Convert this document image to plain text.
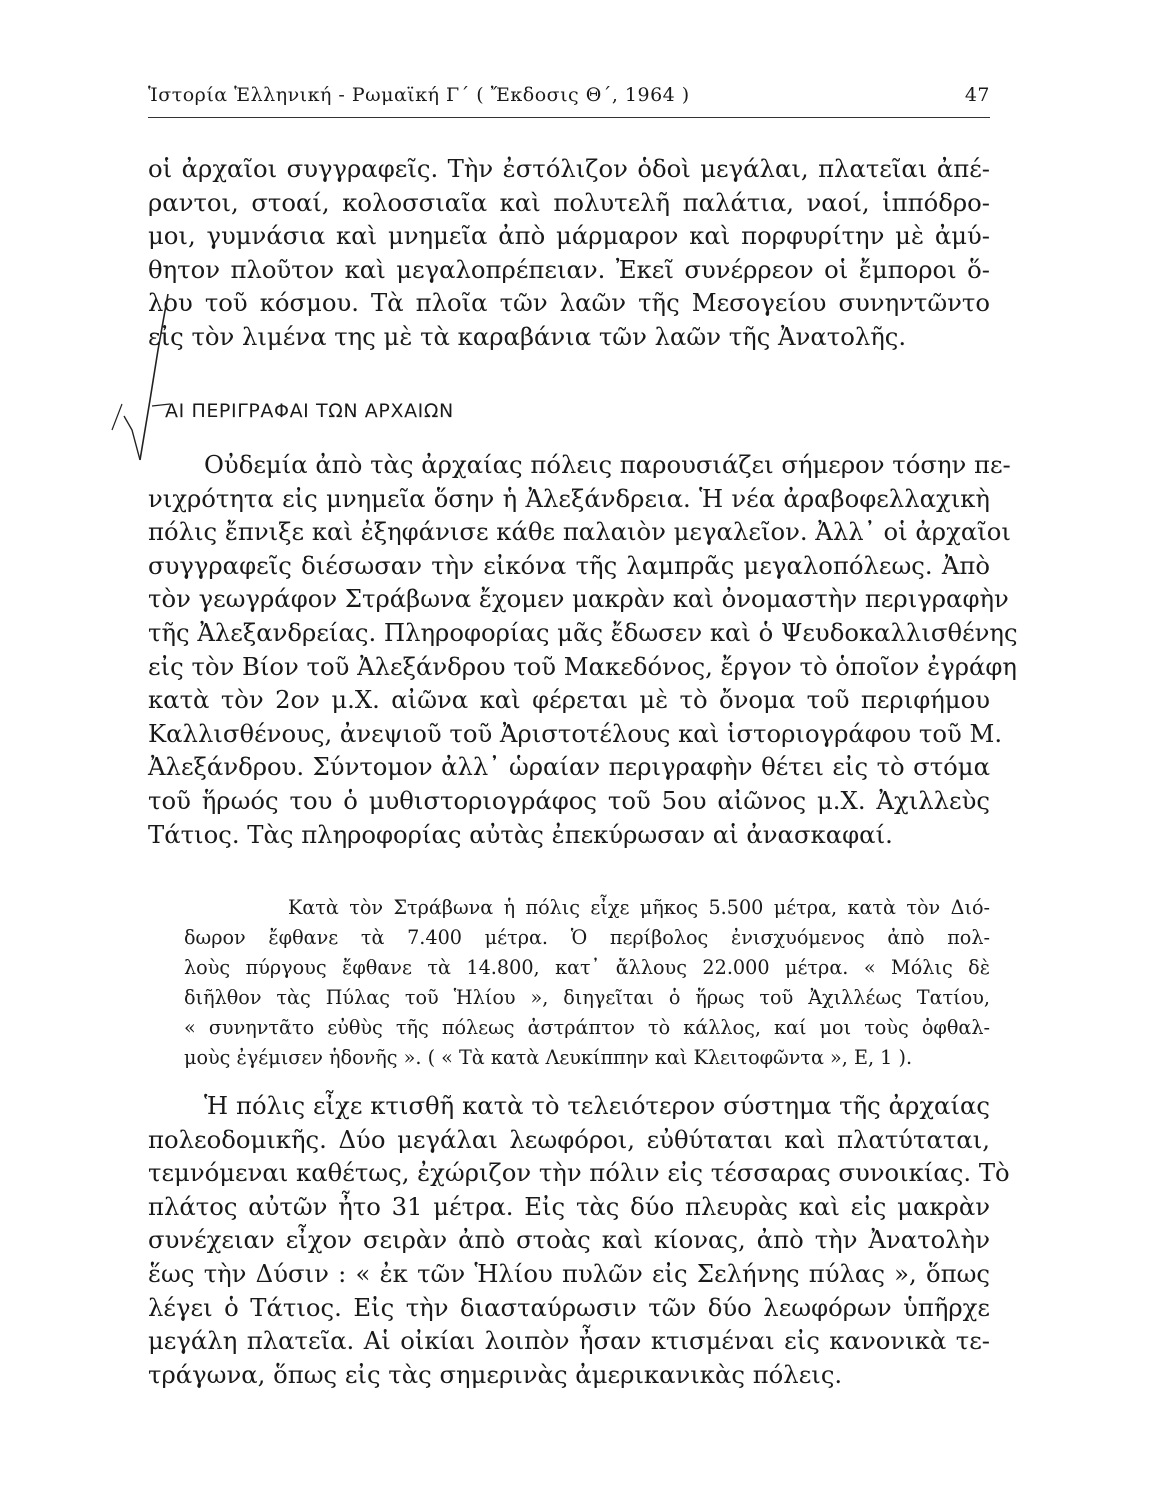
Ἱστορία Ἑλληνική - Ρωμαϊκή Γ΄ ( Ἔκδοσις Θ΄, 1964 )	47
οἱ ἀρχαῖοι συγγραφεῖς. Τὴν ἐστόλιζον ὁδοὶ μεγάλαι, πλατεῖαι ἀπέ-
ραντοι, στοαί, κολοσσιαῖα καὶ πολυτελῆ παλάτια, ναοί, ἱππόδρο-
μοι, γυμνάσια καὶ μνημεῖα ἀπὸ μάρμαρον καὶ πορφυρίτην μὲ ἀμύ-
θητον πλοῦτον καὶ μεγαλοπρέπειαν. Ἐκεῖ συνέρρεον οἱ ἔμποροι ὅ-
λου τοῦ κόσμου. Τὰ πλοῖα τῶν λαῶν τῆς Μεσογείου συνηντῶντο
εἰς τὸν λιμένα της μὲ τὰ καραβάνια τῶν λαῶν τῆς Ἀνατολῆς.
ΑΙ ΠΕΡΙΓΡΑΦΑΙ ΤΩΝ ΑΡΧΑΙΩΝ
Οὐδεμία ἀπὸ τὰς ἀρχαίας πόλεις παρουσιάζει σήμερον τόσην πε-
νιχρότητα εἰς μνημεῖα ὅσην ἡ Ἀλεξάνδρεια. Ἡ νέα ἀραβοφελλαχικὴ
πόλις ἔπνιξε καὶ ἐξηφάνισε κάθε παλαιὸν μεγαλεῖον. Ἀλλ᾽ οἱ ἀρχαῖοι
συγγραφεῖς διέσωσαν τὴν εἰκόνα τῆς λαμπρᾶς μεγαλοπόλεως. Ἀπὸ
τὸν γεωγράφον Στράβωνα ἔχομεν μακρὰν καὶ ὀνομαστὴν περιγραφὴν
τῆς Ἀλεξανδρείας. Πληροφορίας μᾶς ἔδωσεν καὶ ὁ Ψευδοκαλλισθένης
εἰς τὸν Βίον τοῦ Ἀλεξάνδρου τοῦ Μακεδόνος, ἔργον τὸ ὁποῖον ἐγράφη
κατὰ τὸν 2ον μ.Χ. αἰῶνα καὶ φέρεται μὲ τὸ ὄνομα τοῦ περιφήμου
Καλλισθένους, ἀνεψιοῦ τοῦ Ἀριστοτέλους καὶ ἱστοριογράφου τοῦ Μ.
Ἀλεξάνδρου. Σύντομον ἀλλ᾽ ὡραίαν περιγραφὴν θέτει εἰς τὸ στόμα
τοῦ ἥρωός του ὁ μυθιστοριογράφος τοῦ 5ου αἰῶνος μ.Χ. Ἀχιλλεὺς
Τάτιος. Τὰς πληροφορίας αὐτὰς ἐπεκύρωσαν αἱ ἀνασκαφαί.
Κατὰ τὸν Στράβωνα ἡ πόλις εἶχε μῆκος 5.500 μέτρα, κατὰ τὸν Διό-
δωρον ἔφθανε τὰ 7.400 μέτρα. Ὁ περίβολος ἐνισχυόμενος ἀπὸ πολ-
λοὺς πύργους ἔφθανε τὰ 14.800, κατ᾽ ἄλλους 22.000 μέτρα. « Μόλις δὲ
διῆλθον τὰς Πύλας τοῦ Ἡλίου », διηγεῖται ὁ ἥρως τοῦ Ἀχιλλέως Τατίου,
« συνηντᾶτο εὐθὺς τῆς πόλεως ἀστράπτον τὸ κάλλος, καί μοι τοὺς ὀφθαλ-
μοὺς ἐγέμισεν ἡδονῆς ». ( « Τὰ κατὰ Λευκίππην καὶ Κλειτοφῶντα », Ε, 1 ).
Ἡ πόλις εἶχε κτισθῆ κατὰ τὸ τελειότερον σύστημα τῆς ἀρχαίας
πολεοδομικῆς. Δύο μεγάλαι λεωφόροι, εὐθύταται καὶ πλατύταται,
τεμνόμεναι καθέτως, ἐχώριζον τὴν πόλιν εἰς τέσσαρας συνοικίας. Τὸ
πλάτος αὐτῶν ἦτο 31 μέτρα. Εἰς τὰς δύο πλευρὰς καὶ εἰς μακρὰν
συνέχειαν εἶχον σειρὰν ἀπὸ στοὰς καὶ κίονας, ἀπὸ τὴν Ἀνατολὴν
ἕως τὴν Δύσιν : « ἐκ τῶν Ἡλίου πυλῶν εἰς Σελήνης πύλας », ὅπως
λέγει ὁ Τάτιος. Εἰς τὴν διασταύρωσιν τῶν δύο λεωφόρων ὑπῆρχε
μεγάλη πλατεῖα. Αἱ οἰκίαι λοιπὸν ἦσαν κτισμέναι εἰς κανονικὰ τε-
τράγωνα, ὅπως εἰς τὰς σημερινὰς ἀμερικανικὰς πόλεις.
